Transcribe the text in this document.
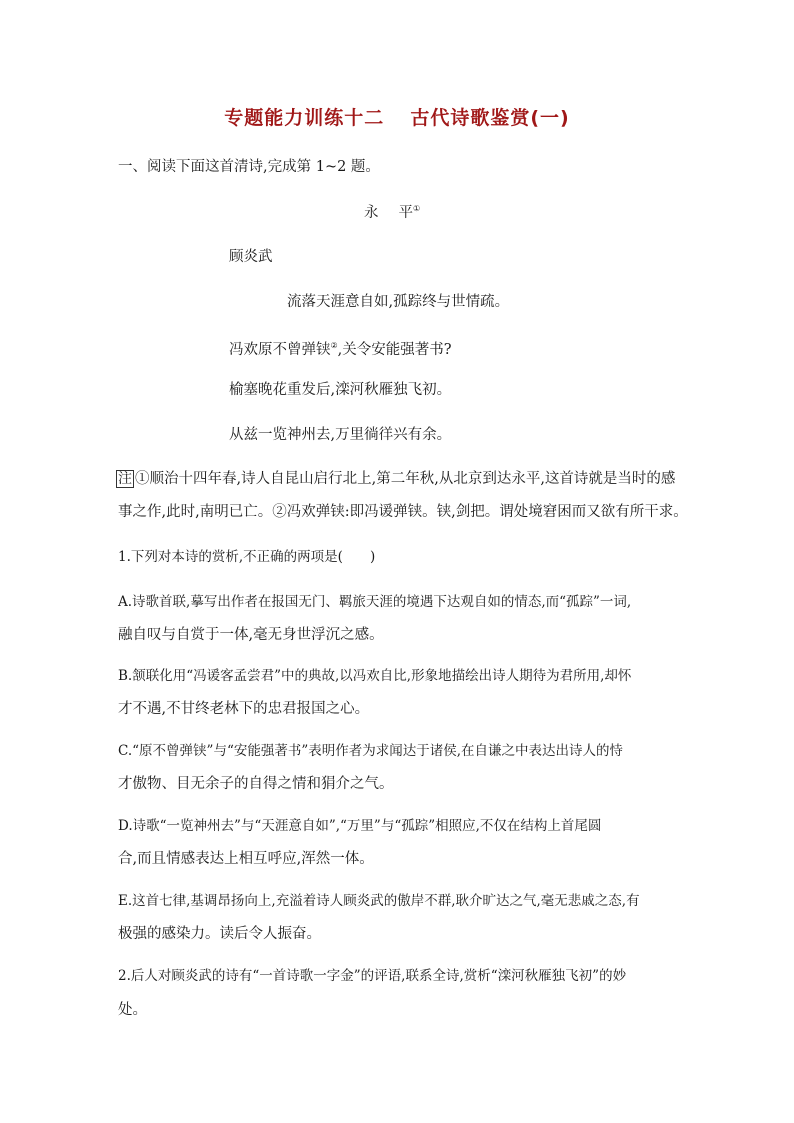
专题能力训练十二 古代诗歌鉴赏(一)
一、阅读下面这首清诗,完成第 1~2 题。
永 平①
顾炎武
流落天涯意自如,孤踪终与世情疏。
冯欢原不曾弹铗②,关令安能强著书?
榆塞晚花重发后,滦河秋雁独飞初。
从兹一览神州去,万里徜徉兴有余。
注 ①顺治十四年春,诗人自昆山启行北上,第二年秋,从北京到达永平,这首诗就是当时的感
事之作,此时,南明已亡。②冯欢弹铗:即冯谖弹铗。铗,剑把。谓处境窘困而又欲有所干求。
1.下列对本诗的赏析,不正确的两项是(　　)
A.诗歌首联,摹写出作者在报国无门、羁旅天涯的境遇下达观自如的情态,而“孤踪”一词,
融自叹与自赏于一体,毫无身世浮沉之感。
B.颔联化用“冯谖客孟尝君”中的典故,以冯欢自比,形象地描绘出诗人期待为君所用,却怀
才不遇,不甘终老林下的忠君报国之心。
C.“原不曾弹铗”与“安能强著书”表明作者为求闻达于诸侯,在自谦之中表达出诗人的恃
才傲物、目无余子的自得之情和狷介之气。
D.诗歌“一览神州去”与“天涯意自如”,“万里”与“孤踪”相照应,不仅在结构上首尾圆
合,而且情感表达上相互呼应,浑然一体。
E.这首七律,基调昂扬向上,充溢着诗人顾炎武的傲岸不群,耿介旷达之气,毫无悲戚之态,有
极强的感染力。读后令人振奋。
2.后人对顾炎武的诗有“一首诗歌一字金”的评语,联系全诗,赏析“滦河秋雁独飞初”的妙
处。
